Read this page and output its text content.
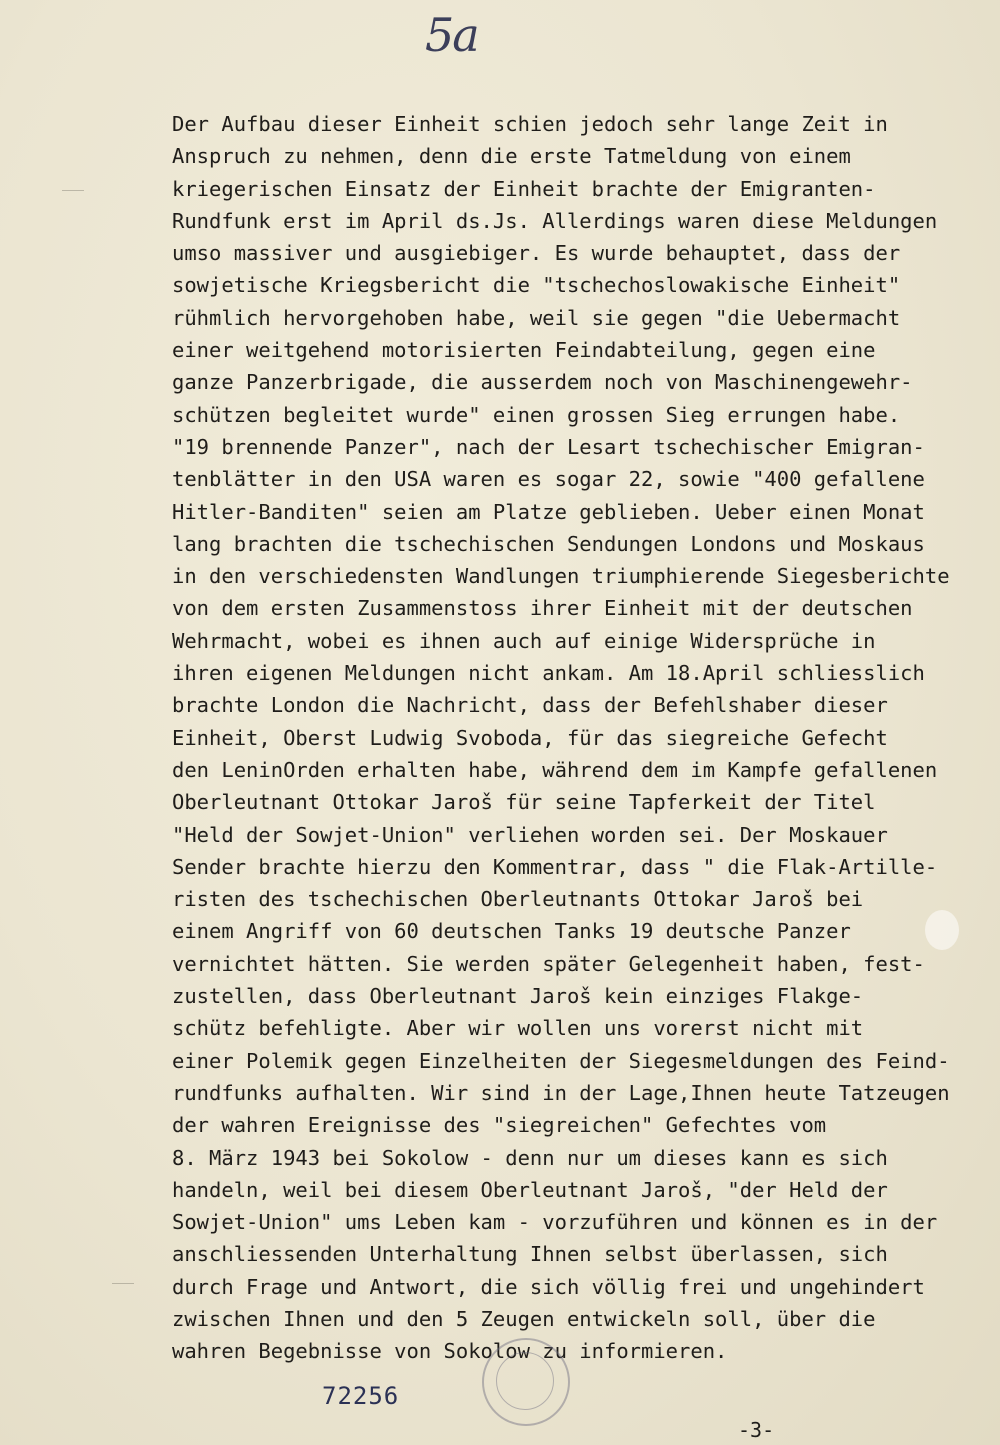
5a
Der Aufbau dieser Einheit schien jedoch sehr lange Zeit in
Anspruch zu nehmen, denn die erste Tatmeldung von einem
kriegerischen Einsatz der Einheit brachte der Emigranten-
Rundfunk erst im April ds.Js. Allerdings waren diese Meldungen
umso massiver und ausgiebiger. Es wurde behauptet, dass der
sowjetische Kriegsbericht die "tschechoslowakische Einheit"
rühmlich hervorgehoben habe, weil sie gegen "die Uebermacht
einer weitgehend motorisierten Feindabteilung, gegen eine
ganze Panzerbrigade, die ausserdem noch von Maschinengewehr-
schützen begleitet wurde" einen grossen Sieg errungen habe.
"19 brennende Panzer", nach der Lesart tschechischer Emigran-
tenblätter in den USA waren es sogar 22, sowie "400 gefallene
Hitler-Banditen" seien am Platze geblieben. Ueber einen Monat
lang brachten die tschechischen Sendungen Londons und Moskaus
in den verschiedensten Wandlungen triumphierende Siegesberichte
von dem ersten Zusammenstoss ihrer Einheit mit der deutschen
Wehrmacht, wobei es ihnen auch auf einige Widersprüche in
ihren eigenen Meldungen nicht ankam. Am 18.April schliesslich
brachte London die Nachricht, dass der Befehlshaber dieser
Einheit, Oberst Ludwig Svoboda, für das siegreiche Gefecht
den LeninOrden erhalten habe, während dem im Kampfe gefallenen
Oberleutnant Ottokar Jaroš für seine Tapferkeit der Titel
"Held der Sowjet-Union" verliehen worden sei. Der Moskauer
Sender brachte hierzu den Kommentrar, dass " die Flak-Artille-
risten des tschechischen Oberleutnants Ottokar Jaroš bei
einem Angriff von 60 deutschen Tanks 19 deutsche Panzer
vernichtet hätten. Sie werden später Gelegenheit haben, fest-
zustellen, dass Oberleutnant Jaroš kein einziges Flakge-
schütz befehligte. Aber wir wollen uns vorerst nicht mit
einer Polemik gegen Einzelheiten der Siegesmeldungen des Feind-
rundfunks aufhalten. Wir sind in der Lage,Ihnen heute Tatzeugen
der wahren Ereignisse des "siegreichen" Gefechtes vom
8. März 1943 bei Sokolow - denn nur um dieses kann es sich
handeln, weil bei diesem Oberleutnant Jaroš, "der Held der
Sowjet-Union" ums Leben kam - vorzuführen und können es in der
anschliessenden Unterhaltung Ihnen selbst überlassen, sich
durch Frage und Antwort, die sich völlig frei und ungehindert
zwischen Ihnen und den 5 Zeugen entwickeln soll, über die
wahren Begebnisse von Sokolow zu informieren.
72256
-3-
